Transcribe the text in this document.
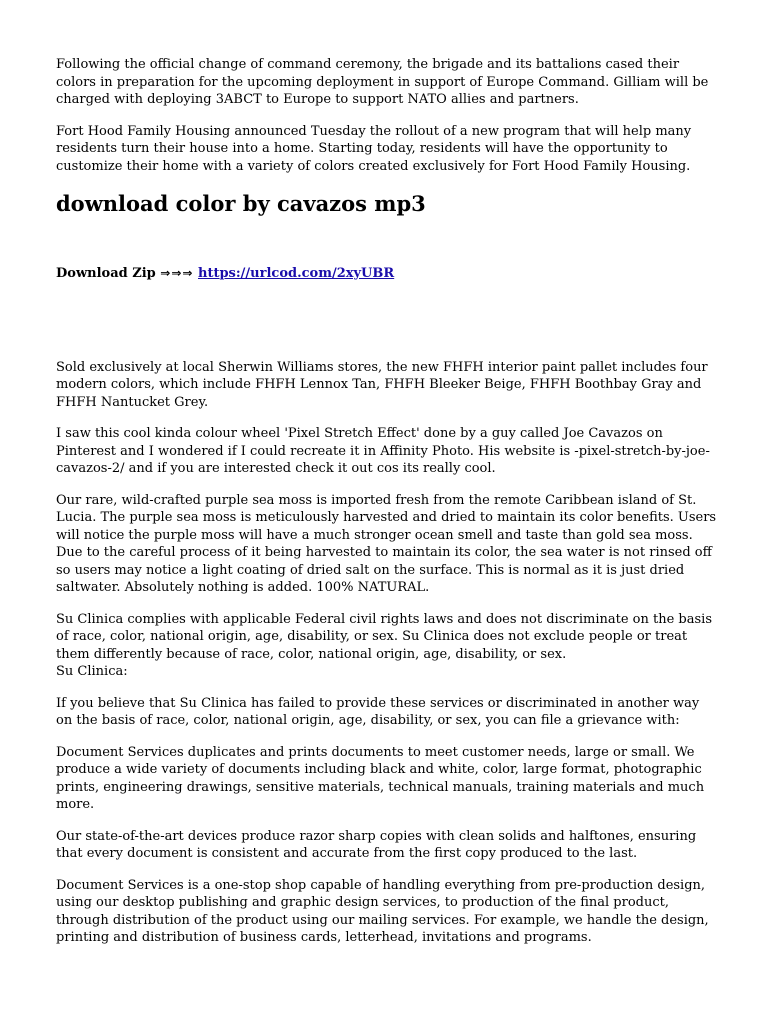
Following the official change of command ceremony, the brigade and its battalions cased their colors in preparation for the upcoming deployment in support of Europe Command. Gilliam will be charged with deploying 3ABCT to Europe to support NATO allies and partners.

Fort Hood Family Housing announced Tuesday the rollout of a new program that will help many residents turn their house into a home. Starting today, residents will have the opportunity to customize their home with a variety of colors created exclusively for Fort Hood Family Housing.

download color by cavazos mp3
Download Zip ⇒⇒⇒ https://urlcod.com/2xyUBR

Sold exclusively at local Sherwin Williams stores, the new FHFH interior paint pallet includes four modern colors, which include FHFH Lennox Tan, FHFH Bleeker Beige, FHFH Boothbay Gray and FHFH Nantucket Grey.

I saw this cool kinda colour wheel 'Pixel Stretch Effect' done by a guy called Joe Cavazos on Pinterest and I wondered if I could recreate it in Affinity Photo. His website is -pixel-stretch-by-joe-cavazos-2/ and if you are interested check it out cos its really cool.

Our rare, wild-crafted purple sea moss is imported fresh from the remote Caribbean island of St. Lucia. The purple sea moss is meticulously harvested and dried to maintain its color benefits. Users will notice the purple moss will have a much stronger ocean smell and taste than gold sea moss. Due to the careful process of it being harvested to maintain its color, the sea water is not rinsed off so users may notice a light coating of dried salt on the surface. This is normal as it is just dried saltwater. Absolutely nothing is added. 100% NATURAL.

Su Clinica complies with applicable Federal civil rights laws and does not discriminate on the basis of race, color, national origin, age, disability, or sex. Su Clinica does not exclude people or treat them differently because of race, color, national origin, age, disability, or sex.

Su Clinica:

If you believe that Su Clinica has failed to provide these services or discriminated in another way on the basis of race, color, national origin, age, disability, or sex, you can file a grievance with:

Document Services duplicates and prints documents to meet customer needs, large or small. We produce a wide variety of documents including black and white, color, large format, photographic prints, engineering drawings, sensitive materials, technical manuals, training materials and much more.

Our state-of-the-art devices produce razor sharp copies with clean solids and halftones, ensuring that every document is consistent and accurate from the first copy produced to the last.

Document Services is a one-stop shop capable of handling everything from pre-production design, using our desktop publishing and graphic design services, to production of the final product, through distribution of the product using our mailing services. For example, we handle the design, printing and distribution of business cards, letterhead, invitations and programs.
